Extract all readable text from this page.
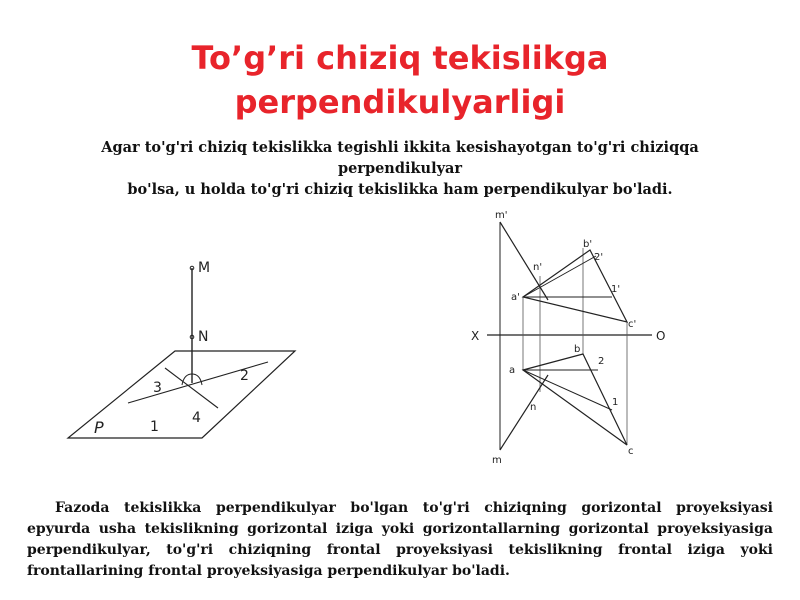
To’g’ri chiziq tekislikga
perpendikulyarligi
Agar to'g'ri chiziq tekislikka tegishli ikkita kesishayotgan to'g'ri chiziqqa perpendikulyar
bo'lsa, u holda to'g'ri chiziq tekislikka ham perpendikulyar bo'ladi.
M
N
3
2
4
1
P
m'
n'
b'
2'
1'
a'
c'
X	O
b
2
a
n	1
c
m
Fazoda tekislikka perpendikulyar bo'lgan to'g'ri chiziqning gorizontal proyeksiyasi epyurda usha tekislikning gorizontal iziga yoki gorizontallarning gorizontal proyeksiyasiga perpendikulyar, to'g'ri chiziqning frontal proyeksiyasi tekislikning frontal iziga yoki frontallarining frontal proyeksiyasiga perpendikulyar bo'ladi.
